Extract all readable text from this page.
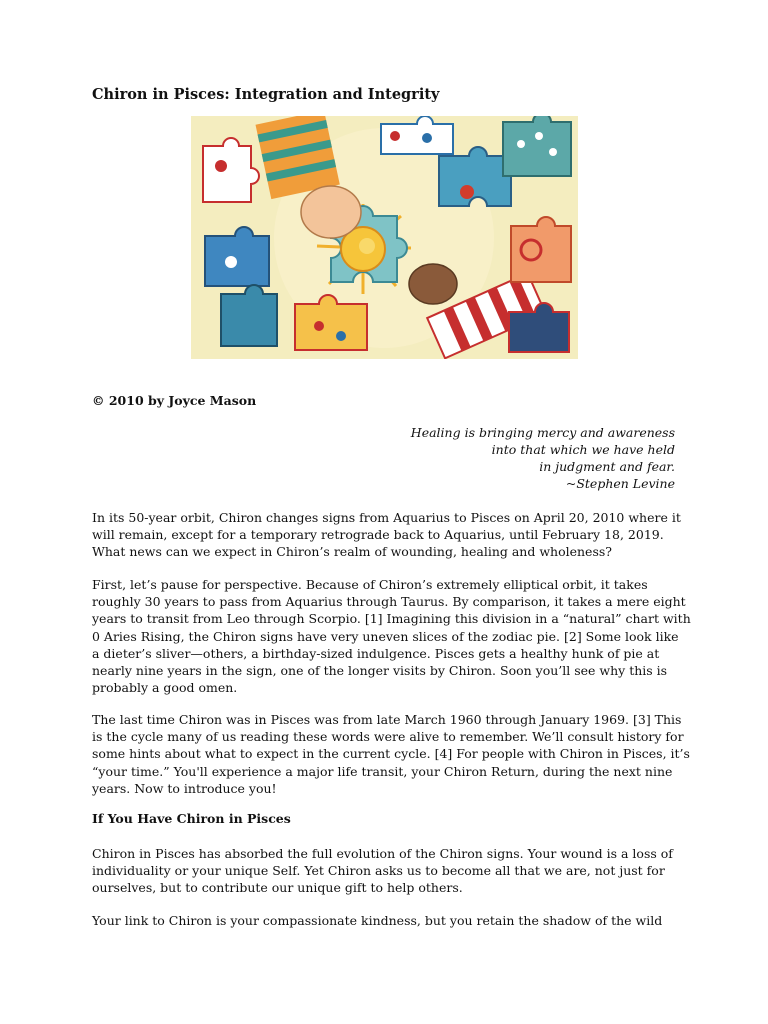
Chiron in Pisces: Integration and Integrity

© 2010 by Joyce Mason

Healing is bringing mercy and awareness
into that which we have held
in judgment and fear.
~Stephen Levine

In its 50-year orbit, Chiron changes signs from Aquarius to Pisces on April 20, 2010 where it
will remain, except for a temporary retrograde back to Aquarius, until February 18, 2019.
What news can we expect in Chiron’s realm of wounding, healing and wholeness?

First, let’s pause for perspective. Because of Chiron’s extremely elliptical orbit, it takes
roughly 30 years to pass from Aquarius through Taurus. By comparison, it takes a mere eight
years to transit from Leo through Scorpio. [1] Imagining this division in a “natural” chart with
0 Aries Rising, the Chiron signs have very uneven slices of the zodiac pie. [2] Some look like
a dieter’s sliver—others, a birthday-sized indulgence. Pisces gets a healthy hunk of pie at
nearly nine years in the sign, one of the longer visits by Chiron. Soon you’ll see why this is
probably a good omen.

The last time Chiron was in Pisces was from late March 1960 through January 1969. [3] This
is the cycle many of us reading these words were alive to remember. We’ll consult history for
some hints about what to expect in the current cycle. [4] For people with Chiron in Pisces, it’s
“your time.” You'll experience a major life transit, your Chiron Return, during the next nine
years. Now to introduce you!

If You Have Chiron in Pisces

Chiron in Pisces has absorbed the full evolution of the Chiron signs. Your wound is a loss of
individuality or your unique Self. Yet Chiron asks us to become all that we are, not just for
ourselves, but to contribute our unique gift to help others.

Your link to Chiron is your compassionate kindness, but you retain the shadow of the wild
